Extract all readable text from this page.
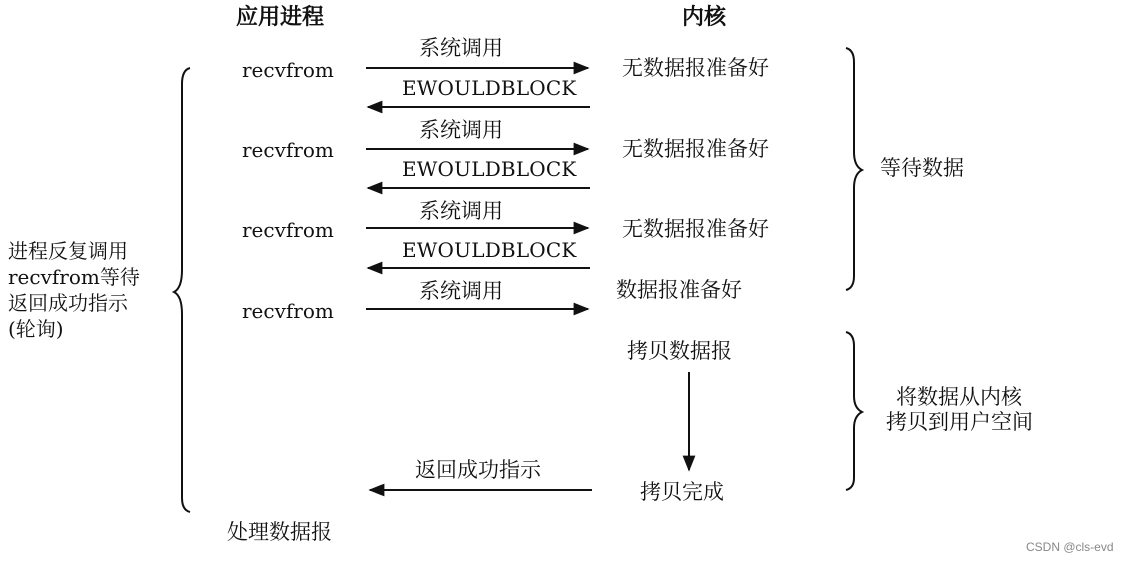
应用进程	内核
进程反复调用
recvfrom等待
返回成功指示
(轮询)
recvfrom
recvfrom
recvfrom
recvfrom
系统调用
系统调用
系统调用
系统调用
EWOULDBLOCK
EWOULDBLOCK
EWOULDBLOCK
无数据报准备好
无数据报准备好
无数据报准备好
数据报准备好
拷贝数据报
拷贝完成
返回成功指示
处理数据报
等待数据
将数据从内核
拷贝到用户空间
CSDN @cls-evd
